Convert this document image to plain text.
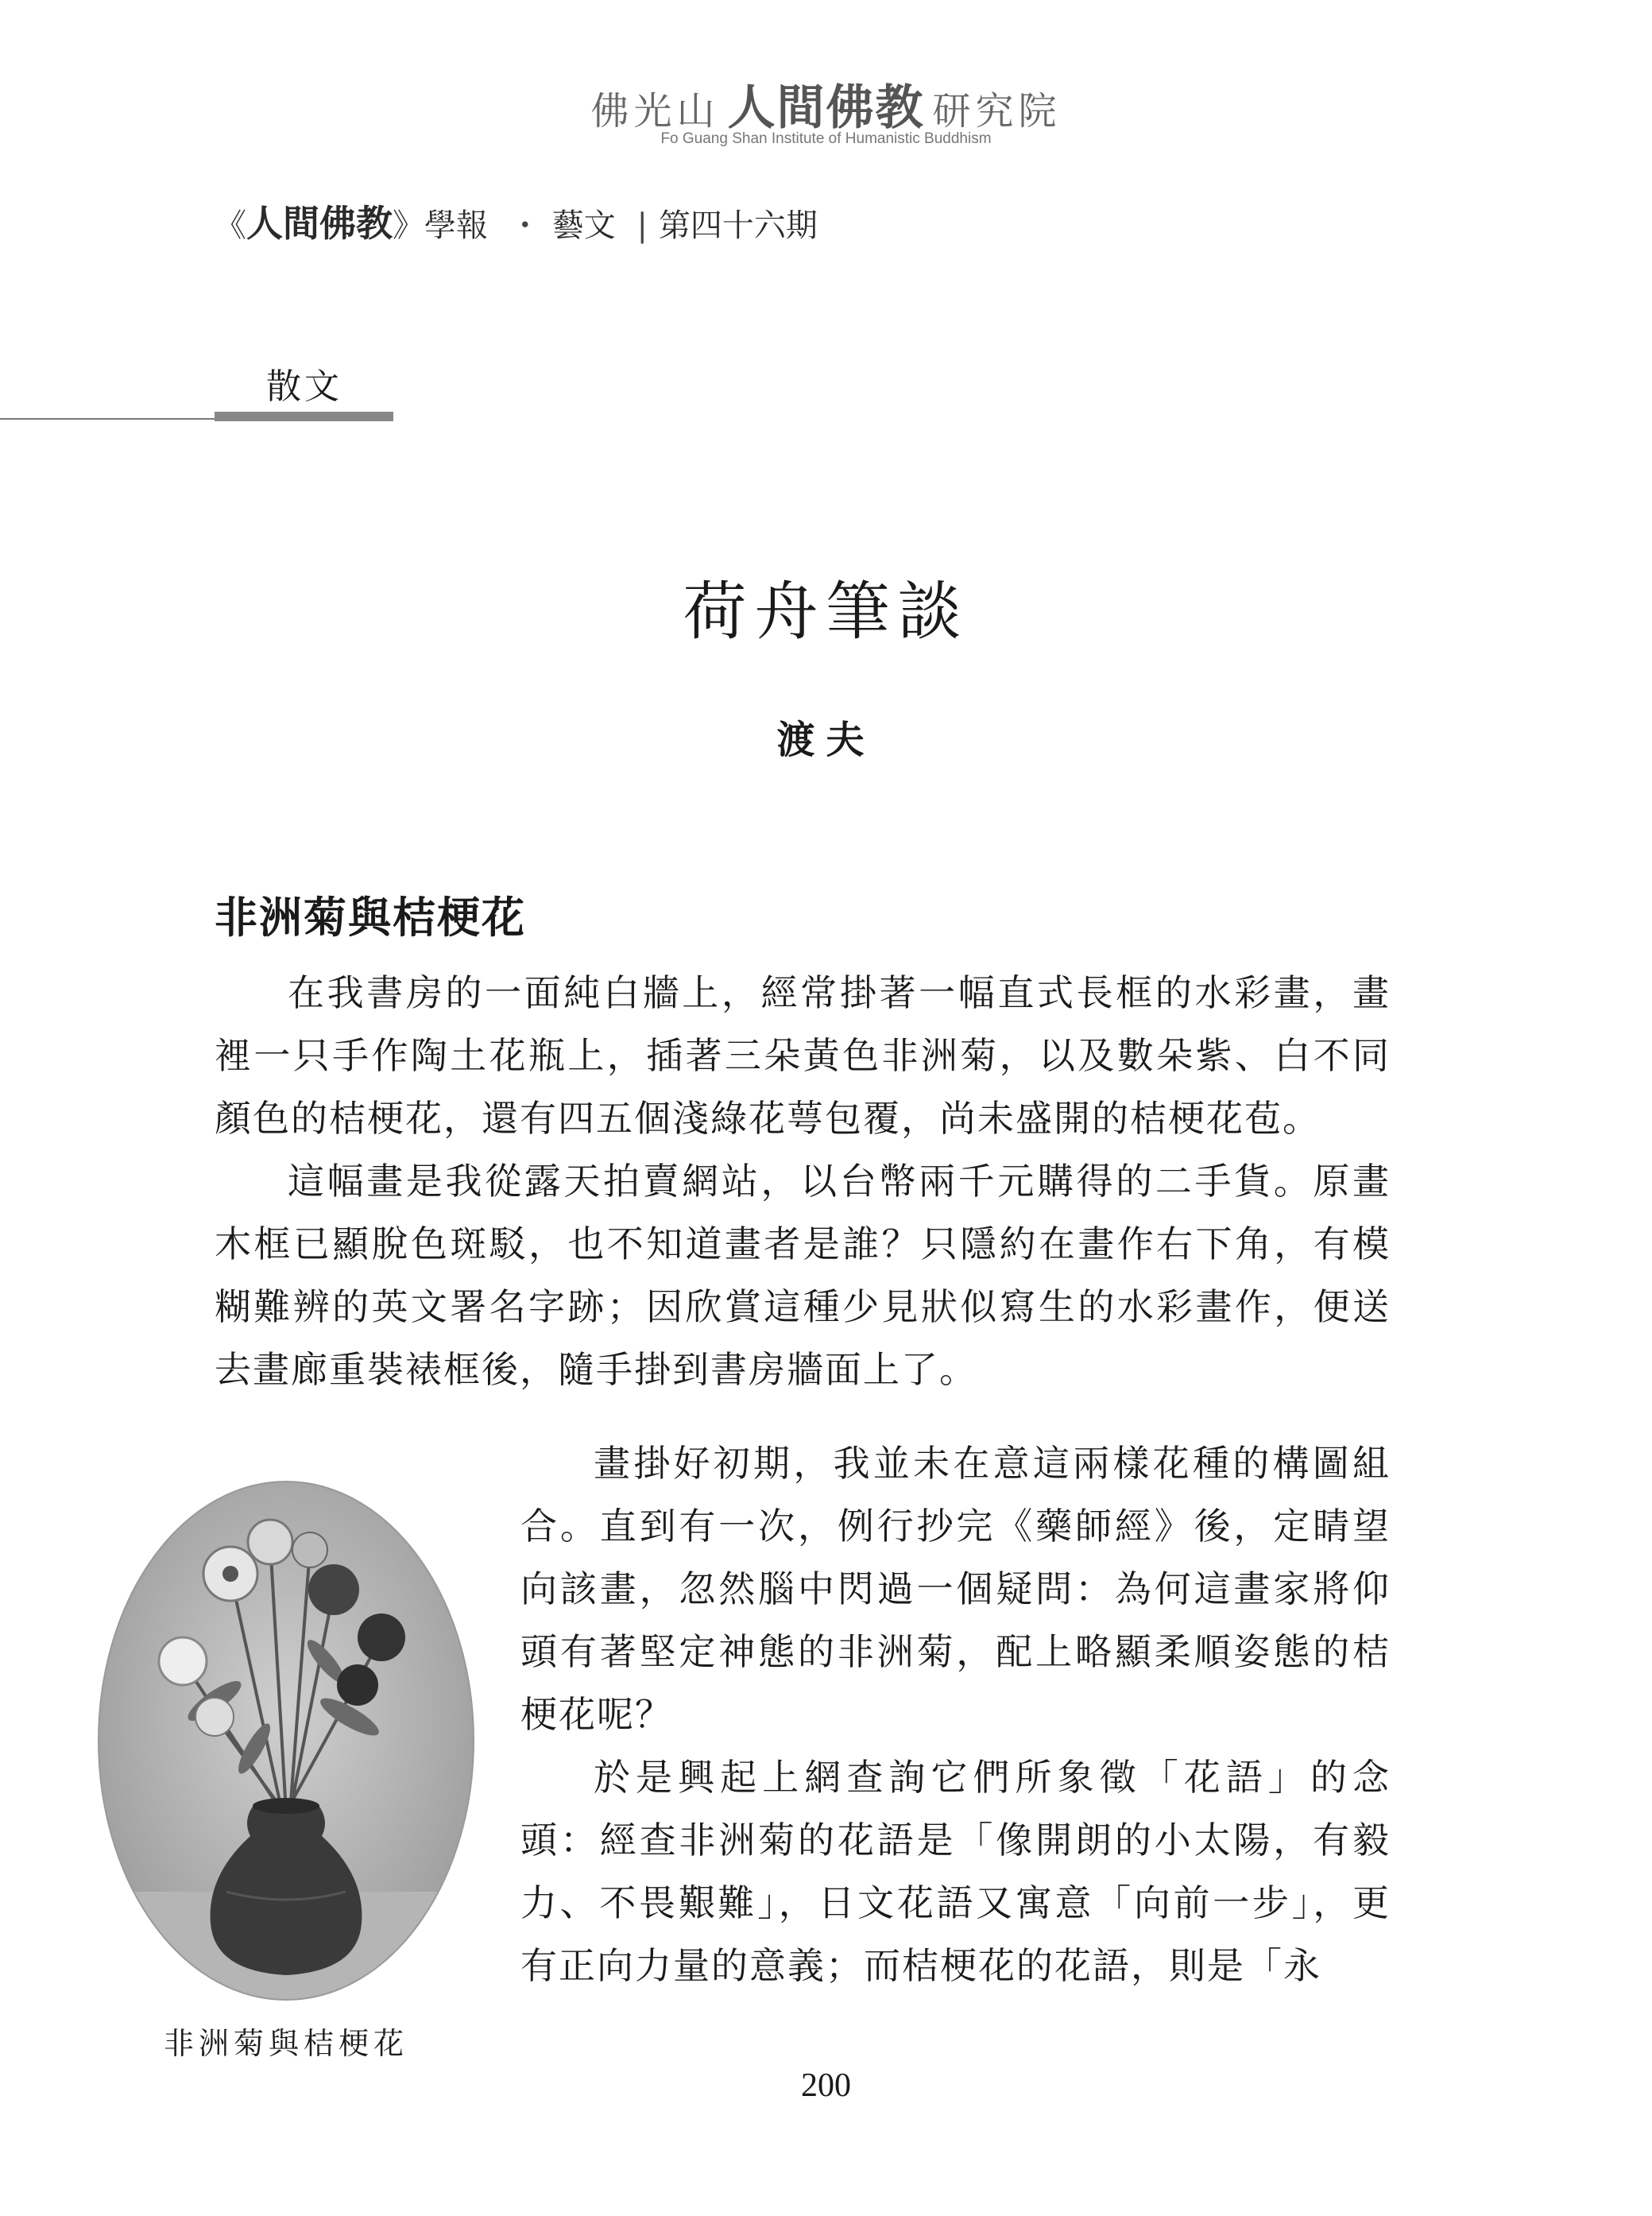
佛光山 人間佛教 研究院
Fo Guang Shan Institute of Humanistic Buddhism
《人間佛教》學報 ・ 藝文 | 第四十六期
散文
荷舟筆談
渡夫
非洲菊與桔梗花

在我書房的一面純白牆上，經常掛著一幅直式長框的水彩畫，畫裡一只手作陶土花瓶上，插著三朵黃色非洲菊，以及數朵紫、白不同顏色的桔梗花，還有四五個淺綠花萼包覆，尚未盛開的桔梗花苞。

這幅畫是我從露天拍賣網站，以台幣兩千元購得的二手貨。原畫木框已顯脫色斑駁，也不知道畫者是誰？只隱約在畫作右下角，有模糊難辨的英文署名字跡；因欣賞這種少見狀似寫生的水彩畫作，便送去畫廊重裝裱框後，隨手掛到書房牆面上了。

畫掛好初期，我並未在意這兩樣花種的構圖組合。直到有一次，例行抄完《藥師經》後，定睛望向該畫，忽然腦中閃過一個疑問：為何這畫家將仰頭有著堅定神態的非洲菊，配上略顯柔順姿態的桔梗花呢？

於是興起上網查詢它們所象徵「花語」的念頭：經查非洲菊的花語是「像開朗的小太陽，有毅力、不畏艱難」，日文花語又寓意「向前一步」，更有正向力量的意義；而桔梗花的花語，則是「永

非洲菊與桔梗花
200
